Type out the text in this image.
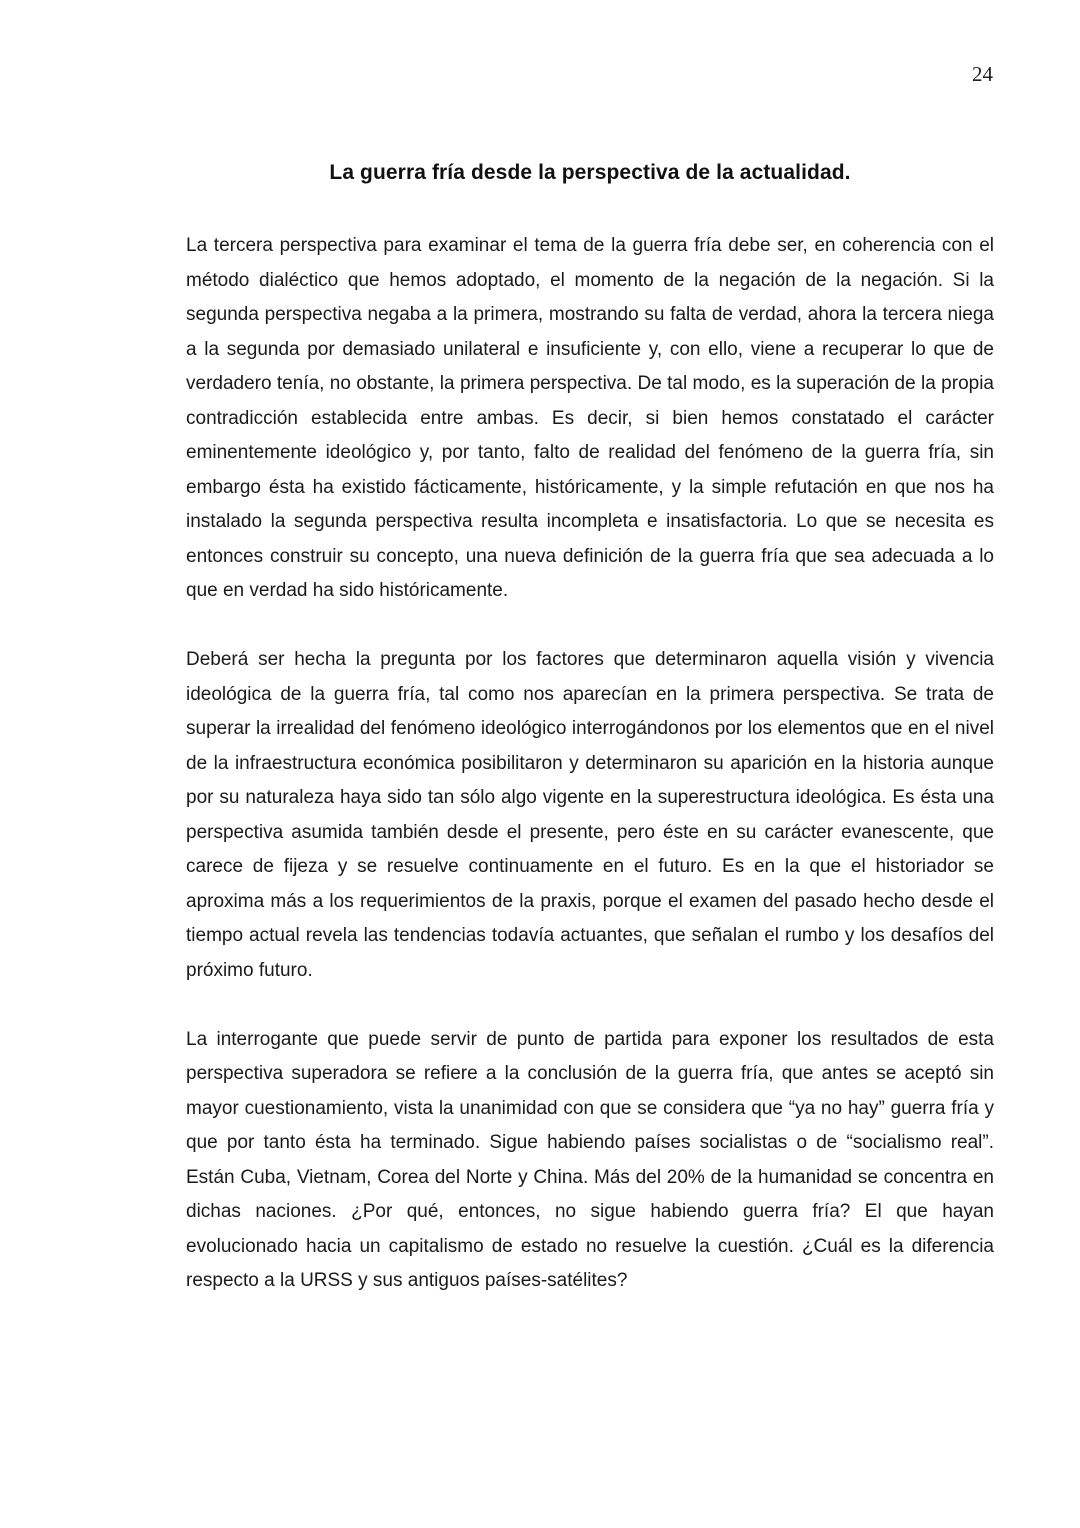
24
La guerra fría desde la perspectiva de la actualidad.

La tercera perspectiva para examinar el tema de la guerra fría debe ser, en coherencia con el método dialéctico que hemos adoptado, el momento de la negación de la negación. Si la segunda perspectiva negaba a la primera, mostrando su falta de verdad, ahora la tercera niega a la segunda por demasiado unilateral e insuficiente y, con ello, viene a recuperar lo que de verdadero tenía, no obstante, la primera perspectiva. De tal modo, es la superación de la propia contradicción establecida entre ambas. Es decir, si bien hemos constatado el carácter eminentemente ideológico y, por tanto, falto de realidad del fenómeno de la guerra fría, sin embargo ésta ha existido fácticamente, históricamente, y la simple refutación en que nos ha instalado la segunda perspectiva resulta incompleta e insatisfactoria. Lo que se necesita es entonces construir su concepto, una nueva definición de la guerra fría que sea adecuada a lo que en verdad ha sido históricamente.

Deberá ser hecha la pregunta por los factores que determinaron aquella visión y vivencia ideológica de la guerra fría, tal como nos aparecían en la primera perspectiva. Se trata de superar la irrealidad del fenómeno ideológico interrogándonos por los elementos que en el nivel de la infraestructura económica posibilitaron y determinaron su aparición en la historia aunque por su naturaleza haya sido tan sólo algo vigente en la superestructura ideológica. Es ésta una perspectiva asumida también desde el presente, pero éste en su carácter evanescente, que carece de fijeza y se resuelve continuamente en el futuro. Es en la que el historiador se aproxima más a los requerimientos de la praxis, porque el examen del pasado hecho desde el tiempo actual revela las tendencias todavía actuantes, que señalan el rumbo y los desafíos del próximo futuro.

La interrogante que puede servir de punto de partida para exponer los resultados de esta perspectiva superadora se refiere a la conclusión de la guerra fría, que antes se aceptó sin mayor cuestionamiento, vista la unanimidad con que se considera que “ya no hay” guerra fría y que por tanto ésta ha terminado. Sigue habiendo países socialistas o de “socialismo real”. Están Cuba, Vietnam, Corea del Norte y China. Más del 20% de la humanidad se concentra en dichas naciones. ¿Por qué, entonces, no sigue habiendo guerra fría? El que hayan evolucionado hacia un capitalismo de estado no resuelve la cuestión. ¿Cuál es la diferencia respecto a la URSS y sus antiguos países-satélites?
